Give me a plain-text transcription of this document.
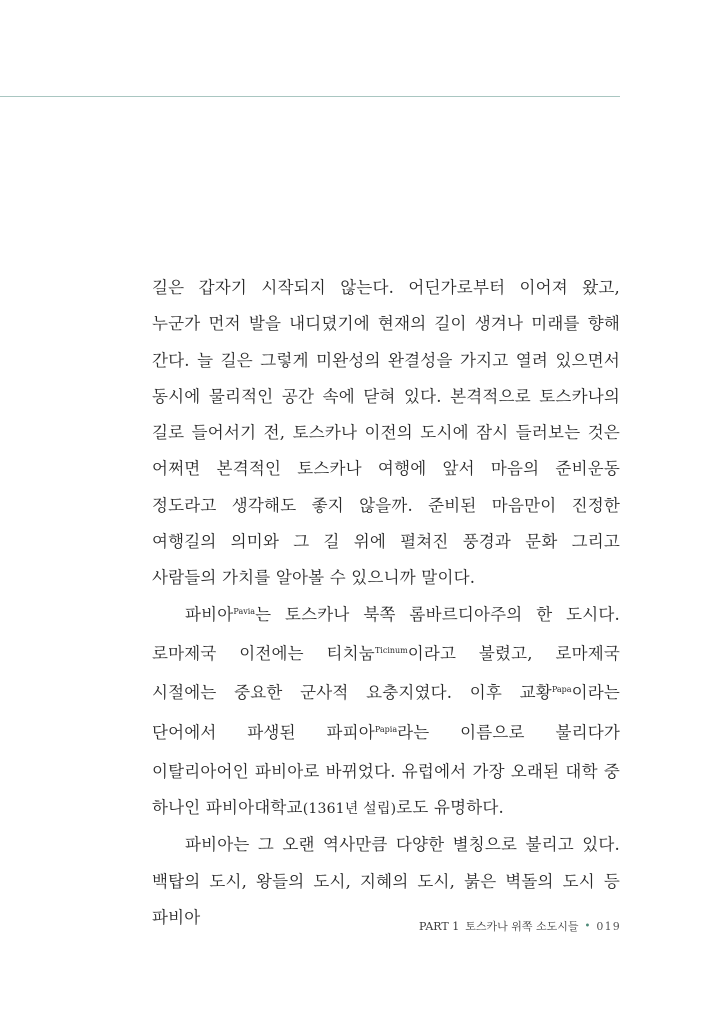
길은 갑자기 시작되지 않는다. 어딘가로부터 이어져 왔고, 누군가 먼저 발을 내디뎠기에 현재의 길이 생겨나 미래를 향해 간다. 늘 길은 그렇게 미완성의 완결성을 가지고 열려 있으면서 동시에 물리적인 공간 속에 닫혀 있다. 본격적으로 토스카나의 길로 들어서기 전, 토스카나 이전의 도시에 잠시 들러보는 것은 어쩌면 본격적인 토스카나 여행에 앞서 마음의 준비운동 정도라고 생각해도 좋지 않을까. 준비된 마음만이 진정한 여행길의 의미와 그 길 위에 펼쳐진 풍경과 문화 그리고 사람들의 가치를 알아볼 수 있으니까 말이다.

파비아$^{Pavia}$는 토스카나 북쪽 롬바르디아주의 한 도시다. 로마제국 이전에는 티치눔$^{Ticinum}$이라고 불렸고, 로마제국 시절에는 중요한 군사적 요충지였다. 이후 교황$^{Papa}$이라는 단어에서 파생된 파피아$^{Papia}$라는 이름으로 불리다가 이탈리아어인 파비아로 바뀌었다. 유럽에서 가장 오래된 대학 중 하나인 파비아대학교(1361년 설립)로도 유명하다.

파비아는 그 오랜 역사만큼 다양한 별칭으로 불리고 있다. 백탑의 도시, 왕들의 도시, 지혜의 도시, 붉은 벽돌의 도시 등 파비아	PART 1 토스카나 위쪽 소도시들 • 019
